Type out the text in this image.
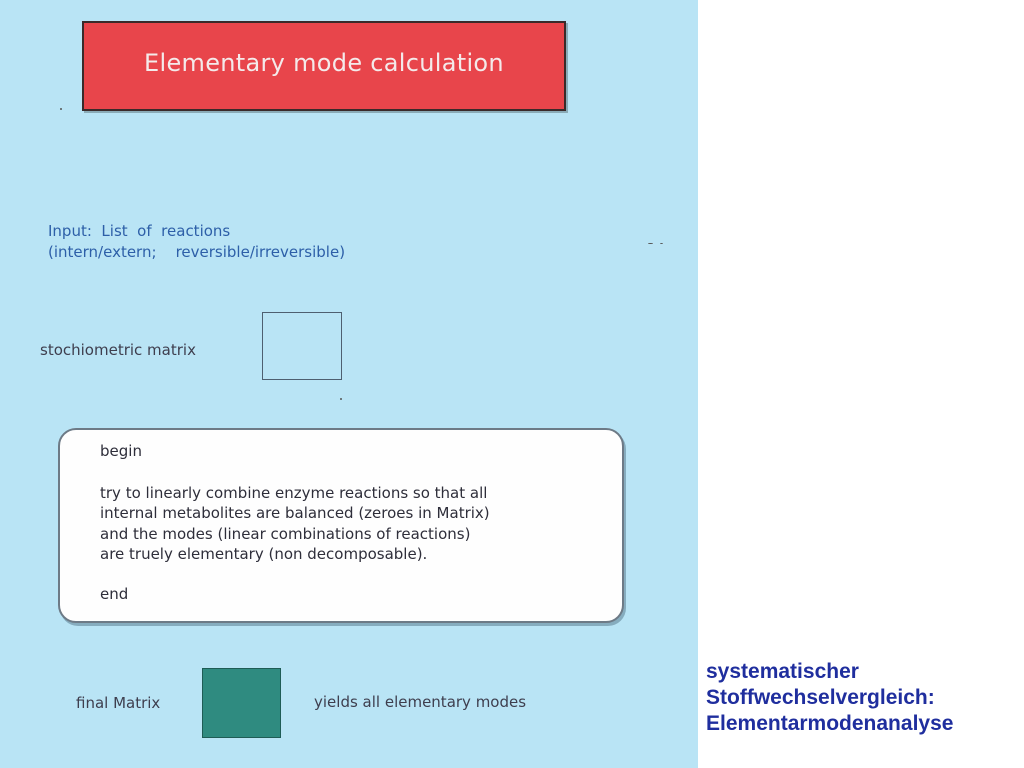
Elementary mode calculation
Input:  List  of  reactions
(intern/extern;    reversible/irreversible)
stochiometric matrix
begin
try to linearly combine enzyme reactions so that all
internal metabolites are balanced (zeroes in Matrix)
and the modes (linear combinations of reactions)
are truely elementary (non decomposable).
end
final Matrix	yields all elementary modes
systematischer
Stoffwechselvergleich:
Elementarmodenanalyse
